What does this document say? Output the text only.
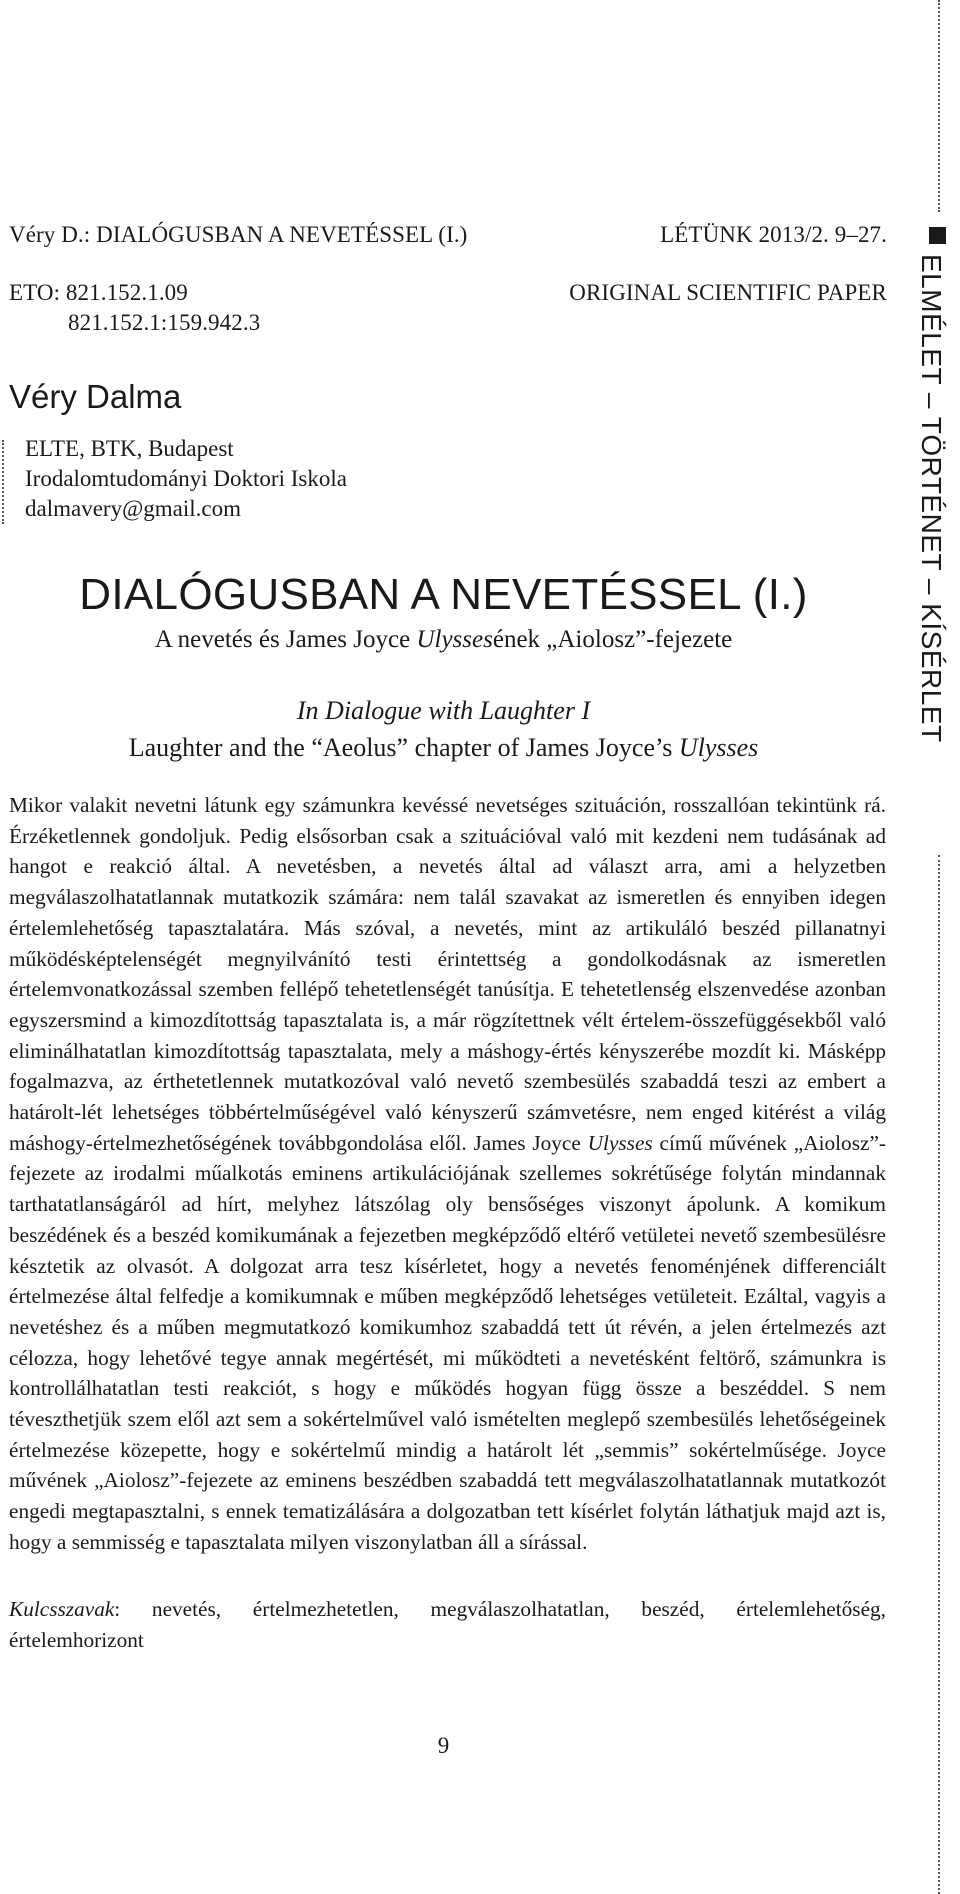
Véry D.: DIALÓGUSBAN A NEVETÉSSEL (I.)	LÉTÜNK 2013/2. 9–27.
ETO: 821.152.1.09
821.152.1:159.942.3
ORIGINAL SCIENTIFIC PAPER
Véry Dalma
ELTE, BTK, Budapest
Irodalomtudományi Doktori Iskola
dalmavery@gmail.com
DIALÓGUSBAN A NEVETÉSSEL (I.)
A nevetés és James Joyce Ulyssesének „Aiolosz”-fejezete
In Dialogue with Laughter I
Laughter and the “Aeolus” chapter of James Joyce’s Ulysses
Mikor valakit nevetni látunk egy számunkra kevéssé nevetséges szituáción, rosszallóan tekintünk rá. Érzéketlennek gondoljuk. Pedig elsősorban csak a szituációval való mit kezdeni nem tudásának ad hangot e reakció által. A nevetésben, a nevetés által ad választ arra, ami a helyzetben megválaszolhatatlannak mutatkozik számára: nem talál szavakat az ismeretlen és ennyiben idegen értelemlehetőség tapasztalatára. Más szóval, a nevetés, mint az artikuláló beszéd pillanatnyi működésképtelenségét megnyilvánító testi érintettség a gondolkodásnak az ismeretlen értelemvonatkozással szemben fellépő tehetetlenségét tanúsítja. E tehetetlenség elszenvedése azonban egyszersmind a kimozdítottság tapasztalata is, a már rögzítettnek vélt értelem-összefüggésekből való eliminálhatatlan kimozdítottság tapasztalata, mely a máshogy-értés kényszerébe mozdít ki. Másképp fogalmazva, az érthetetlennek mutatkozóval való nevető szembesülés szabaddá teszi az embert a határolt-lét lehetséges többértelműségével való kényszerű számvetésre, nem enged kitérést a világ máshogy-értelmezhetőségének továbbgondolása elől. James Joyce Ulysses című művének „Aiolosz”-fejezete az irodalmi műalkotás eminens artikulációjának szellemes sokrétűsége folytán mindannak tarthatatlanságáról ad hírt, melyhez látszólag oly bensőséges viszonyt ápolunk. A komikum beszédének és a beszéd komikumának a fejezetben megképződő eltérő vetületei nevető szembesülésre késztetik az olvasót. A dolgozat arra tesz kísérletet, hogy a nevetés fenoménjének differenciált értelmezése által felfedje a komikumnak e műben megképződő lehetséges vetületeit. Ezáltal, vagyis a nevetéshez és a műben megmutatkozó komikumhoz szabaddá tett út révén, a jelen értelmezés azt célozza, hogy lehetővé tegye annak megértését, mi működteti a nevetésként feltörő, számunkra is kontrollálhatatlan testi reakciót, s hogy e működés hogyan függ össze a beszéddel. S nem téveszthetjük szem elől azt sem a sokértelművel való ismételten meglepő szembesülés lehetőségeinek értelmezése közepette, hogy e sokértelmű mindig a határolt lét „semmis” sokértelműsége. Joyce művének „Aiolosz”-fejezete az eminens beszédben szabaddá tett megválaszolhatatlannak mutatkozót engedi megtapasztalni, s ennek tematizálására a dolgozatban tett kísérlet folytán láthatjuk majd azt is, hogy a semmisség e tapasztalata milyen viszonylatban áll a sírással.
Kulcsszavak: nevetés, értelmezhetetlen, megválaszolhatatlan, beszéd, értelemlehetőség, értelemhorizont
9
ELMÉLET – TÖRTÉNET – KÍSÉRLET
